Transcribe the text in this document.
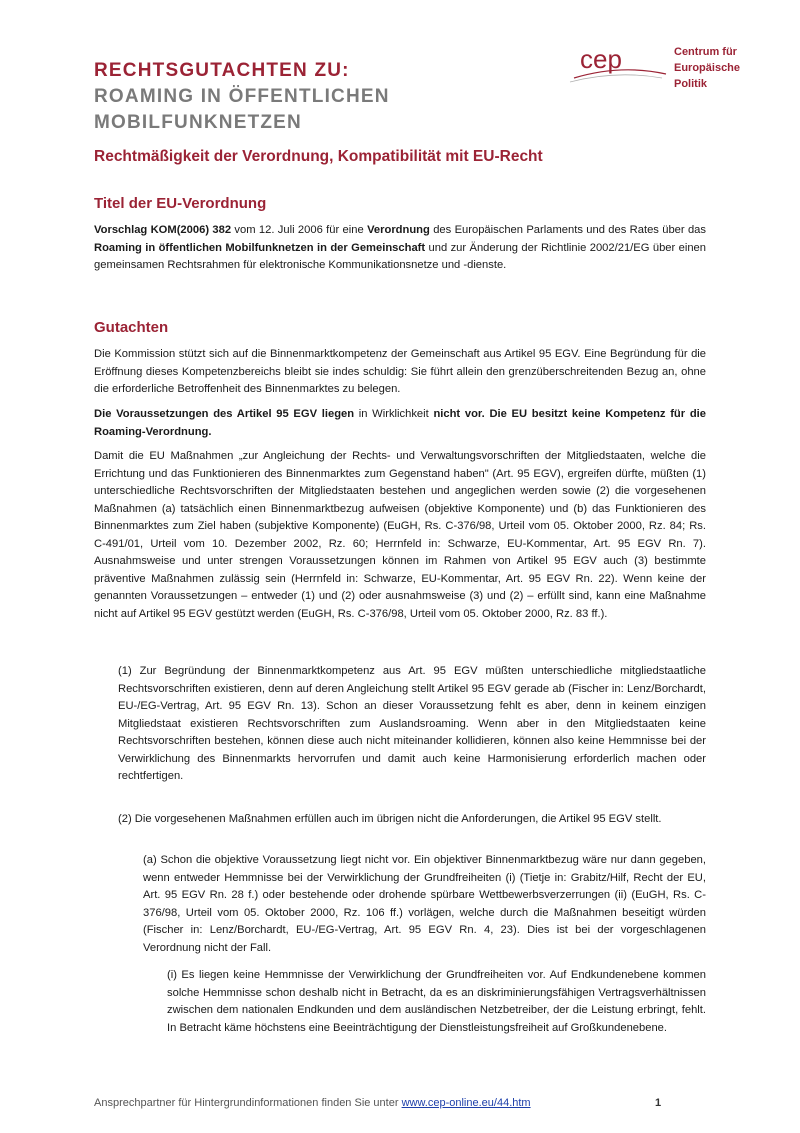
RECHTSGUTACHTEN ZU:
ROAMING IN ÖFFENTLICHEN
MOBILFUNKNETZEN
Rechtmäßigkeit der Verordnung, Kompatibilität mit EU-Recht
cep	Centrum für
Europäische
Politik
Titel der EU-Verordnung
Vorschlag KOM(2006) 382 vom 12. Juli 2006 für eine Verordnung des Europäischen Parlaments und des Rates über das Roaming in öffentlichen Mobilfunknetzen in der Gemeinschaft und zur Änderung der Richtlinie 2002/21/EG über einen gemeinsamen Rechtsrahmen für elektronische Kommunikationsnetze und -dienste.
Gutachten
Die Kommission stützt sich auf die Binnenmarktkompetenz der Gemeinschaft aus Artikel 95 EGV. Eine Begründung für die Eröffnung dieses Kompetenzbereichs bleibt sie indes schuldig: Sie führt allein den grenzüberschreitenden Bezug an, ohne die erforderliche Betroffenheit des Binnenmarktes zu belegen.
Die Voraussetzungen des Artikel 95 EGV liegen in Wirklichkeit nicht vor. Die EU besitzt keine Kompetenz für die Roaming-Verordnung.
Damit die EU Maßnahmen „zur Angleichung der Rechts- und Verwaltungsvorschriften der Mitgliedstaaten, welche die Errichtung und das Funktionieren des Binnenmarktes zum Gegenstand haben" (Art. 95 EGV), ergreifen dürfte, müßten (1) unterschiedliche Rechtsvorschriften der Mitgliedstaaten bestehen und angeglichen werden sowie (2) die vorgesehenen Maßnahmen (a) tatsächlich einen Binnenmarktbezug aufweisen (objektive Komponente) und (b) das Funktionieren des Binnenmarktes zum Ziel haben (subjektive Komponente) (EuGH, Rs. C-376/98, Urteil vom 05. Oktober 2000, Rz. 84; Rs. C-491/01, Urteil vom 10. Dezember 2002, Rz. 60; Herrnfeld in: Schwarze, EU-Kommentar, Art. 95 EGV Rn. 7). Ausnahmsweise und unter strengen Voraussetzungen können im Rahmen von Artikel 95 EGV auch (3) bestimmte präventive Maßnahmen zulässig sein (Herrnfeld in: Schwarze, EU-Kommentar, Art. 95 EGV Rn. 22). Wenn keine der genannten Voraussetzungen – entweder (1) und (2) oder ausnahmsweise (3) und (2) – erfüllt sind, kann eine Maßnahme nicht auf Artikel 95 EGV gestützt werden (EuGH, Rs. C-376/98, Urteil vom 05. Oktober 2000, Rz. 83 ff.).
(1) Zur Begründung der Binnenmarktkompetenz aus Art. 95 EGV müßten unterschiedliche mitgliedstaatliche Rechtsvorschriften existieren, denn auf deren Angleichung stellt Artikel 95 EGV gerade ab (Fischer in: Lenz/Borchardt, EU-/EG-Vertrag, Art. 95 EGV Rn. 13). Schon an dieser Voraussetzung fehlt es aber, denn in keinem einzigen Mitgliedstaat existieren Rechtsvorschriften zum Auslandsroaming. Wenn aber in den Mitgliedstaaten keine Rechtsvorschriften bestehen, können diese auch nicht miteinander kollidieren, können also keine Hemmnisse bei der Verwirklichung des Binnenmarkts hervorrufen und damit auch keine Harmonisierung erforderlich machen oder rechtfertigen.
(2) Die vorgesehenen Maßnahmen erfüllen auch im übrigen nicht die Anforderungen, die Artikel 95 EGV stellt.
(a) Schon die objektive Voraussetzung liegt nicht vor. Ein objektiver Binnenmarktbezug wäre nur dann gegeben, wenn entweder Hemmnisse bei der Verwirklichung der Grundfreiheiten (i) (Tietje in: Grabitz/Hilf, Recht der EU, Art. 95 EGV Rn. 28 f.) oder bestehende oder drohende spürbare Wettbewerbsverzerrungen (ii) (EuGH, Rs. C-376/98, Urteil vom 05. Oktober 2000, Rz. 106 ff.) vorlägen, welche durch die Maßnahmen beseitigt würden (Fischer in: Lenz/Borchardt, EU-/EG-Vertrag, Art. 95 EGV Rn. 4, 23). Dies ist bei der vorgeschlagenen Verordnung nicht der Fall.
(i) Es liegen keine Hemmnisse der Verwirklichung der Grundfreiheiten vor. Auf Endkundenebene kommen solche Hemmnisse schon deshalb nicht in Betracht, da es an diskriminierungsfähigen Vertragsverhältnissen zwischen dem nationalen Endkunden und dem ausländischen Netzbetreiber, der die Leistung erbringt, fehlt. In Betracht käme höchstens eine Beeinträchtigung der Dienstleistungsfreiheit auf Großkundenebene.
Ansprechpartner für Hintergrundinformationen finden Sie unter www.cep-online.eu/44.htm	1
